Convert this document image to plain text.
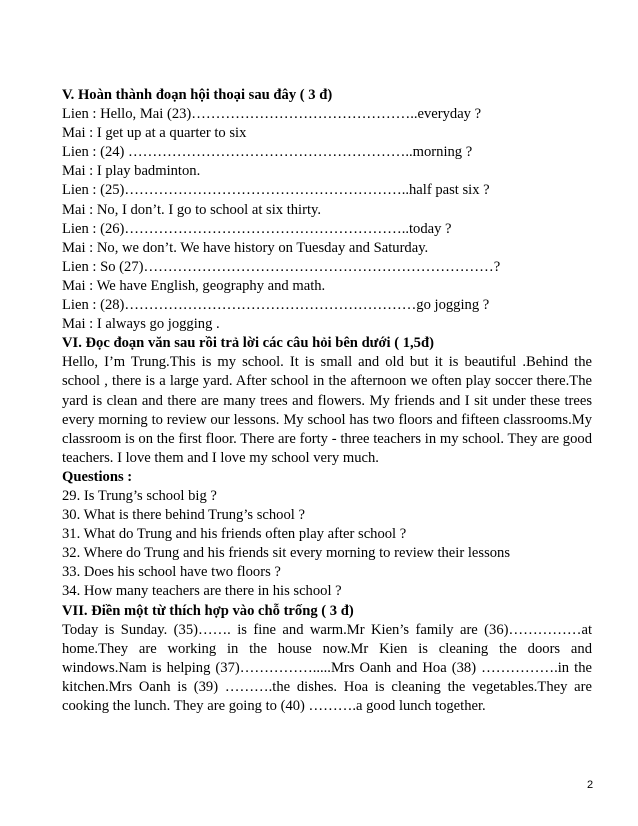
V. Hoàn thành đoạn hội thoại sau đây ( 3 đ)
Lien : Hello, Mai (23)………………………………………..everyday ?
Mai : I get up at a quarter to six
Lien : (24) …………………………………………………..morning ?
Mai : I play badminton.
Lien : (25)…………………………………………………..half past six ?
Mai : No, I don’t. I go to school at six thirty.
Lien : (26)…………………………………………………..today ?
Mai : No, we don’t. We have history on Tuesday and Saturday.
Lien : So (27)………………………………………………………………?
Mai : We have English, geography and math.
Lien : (28)……………………………………………………go jogging ?
Mai : I always go jogging .
VI. Đọc đoạn văn sau rồi trả lời các câu hỏi bên dưới ( 1,5đ)
Hello, I’m Trung.This is my school. It is small and old but it is beautiful .Behind the school , there is a large yard. After school in the afternoon we often play soccer there.The yard is clean and there are many trees and flowers. My friends and I sit under these trees every morning to review our lessons. My school has two floors and fifteen classrooms.My classroom is on the first floor. There are forty - three teachers in my school. They are good teachers. I love them and I love my school very much.
Questions :
29. Is Trung’s school big ?
30. What is there behind Trung’s school ?
31. What do Trung and his friends often play after school ?
32. Where do Trung and his friends sit every morning to review their lessons
33. Does his school have two floors ?
34. How many teachers are there in his school ?
VII. Điền một từ thích hợp vào chỗ trống ( 3 đ)
Today is Sunday. (35)……. is fine and warm.Mr Kien’s family are (36)……………at home.They are working in the house now.Mr Kien is cleaning the doors and windows.Nam is helping (37)…………….....Mrs Oanh and Hoa (38) …………….in the kitchen.Mrs Oanh is (39) ……….the dishes. Hoa is cleaning the vegetables.They are cooking the lunch. They are going to (40) ……….a good lunch together.
2
